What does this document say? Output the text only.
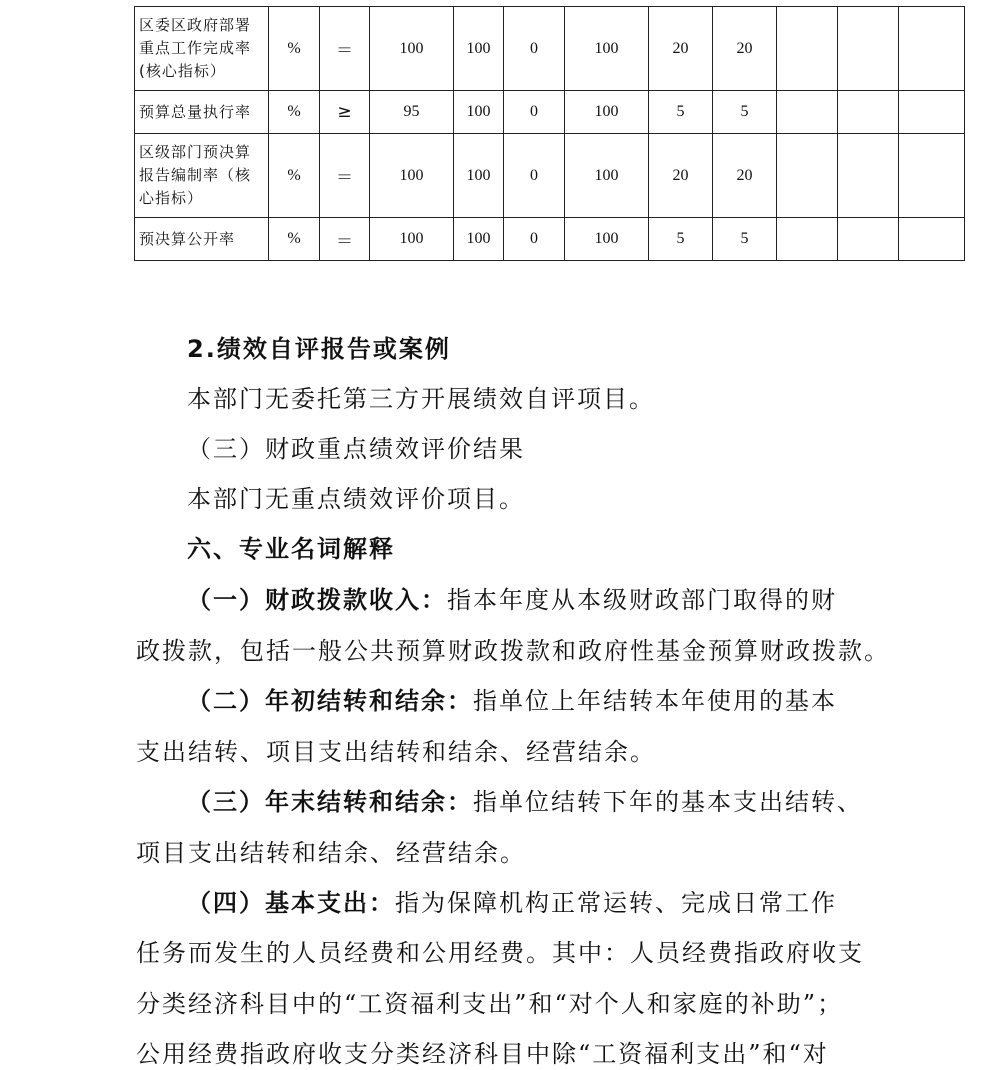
区委区政府部署
重点工作完成率
(核心指标）	%	＝	100	100	0	100	20	20			

预算总量执行率	%	≥	95	100	0	100	5	5			

区级部门预决算
报告编制率（核
心指标）	%	＝	100	100	0	100	20	20			

预决算公开率	%	＝	100	100	0	100	5	5			
2.绩效自评报告或案例
本部门无委托第三方开展绩效自评项目。
（三）财政重点绩效评价结果
本部门无重点绩效评价项目。
六、专业名词解释
（一）财政拨款收入：指本年度从本级财政部门取得的财
政拨款，包括一般公共预算财政拨款和政府性基金预算财政拨款。
（二）年初结转和结余：指单位上年结转本年使用的基本
支出结转、项目支出结转和结余、经营结余。
（三）年末结转和结余：指单位结转下年的基本支出结转、
项目支出结转和结余、经营结余。
（四）基本支出：指为保障机构正常运转、完成日常工作
任务而发生的人员经费和公用经费。其中：人员经费指政府收支
分类经济科目中的“工资福利支出”和“对个人和家庭的补助”；
公用经费指政府收支分类经济科目中除“工资福利支出”和“对
